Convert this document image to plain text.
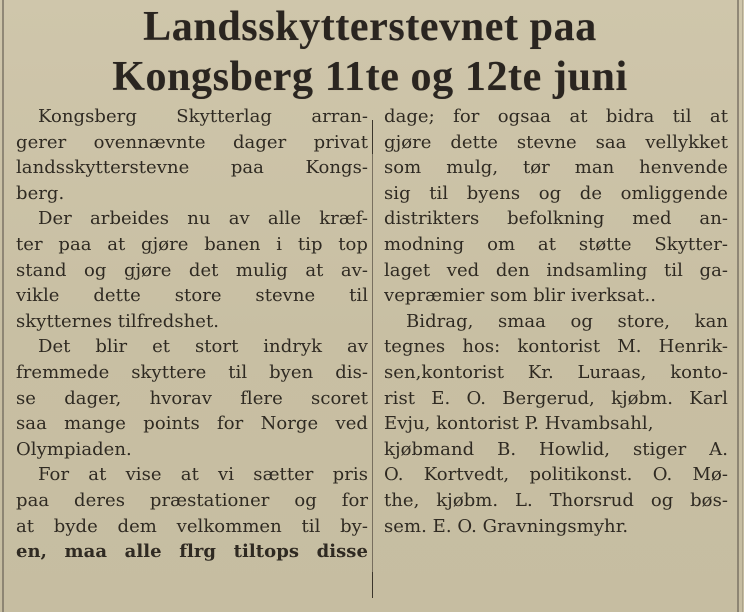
Landsskytterstevnet paa
Kongsberg 11te og 12te juni
Kongsberg Skytterlag arran-
gerer ovennævnte dager privat
landsskytterstevne paa Kongs-
berg.
Der arbeides nu av alle kræf-
ter paa at gjøre banen i tip top
stand og gjøre det mulig at av-
vikle dette store stevne til
skytternes tilfredshet.
Det blir et stort indryk av
fremmede skyttere til byen dis-
se dager, hvorav flere scoret
saa mange points for Norge ved
Olympiaden.
For at vise at vi sætter pris
paa deres præstationer og for
at byde dem velkommen til by-
en, maa alle flrg tiltops disse
dage; for ogsaa at bidra til at
gjøre dette stevne saa vellykket
som mulg, tør man henvende
sig til byens og de omliggende
distrikters befolkning med an-
modning om at støtte Skytter-
laget ved den indsamling til ga-
vepræmier som blir iverksat..
Bidrag, smaa og store, kan
tegnes hos: kontorist M. Henrik-
sen,kontorist Kr. Luraas, konto-
rist E. O. Bergerud, kjøbm. Karl
Evju, kontorist P. Hvambsahl,
kjøbmand B. Howlid, stiger A.
O. Kortvedt, politikonst. O. Mø-
the, kjøbm. L. Thorsrud og bøs-
sem. E. O. Gravningsmyhr.
